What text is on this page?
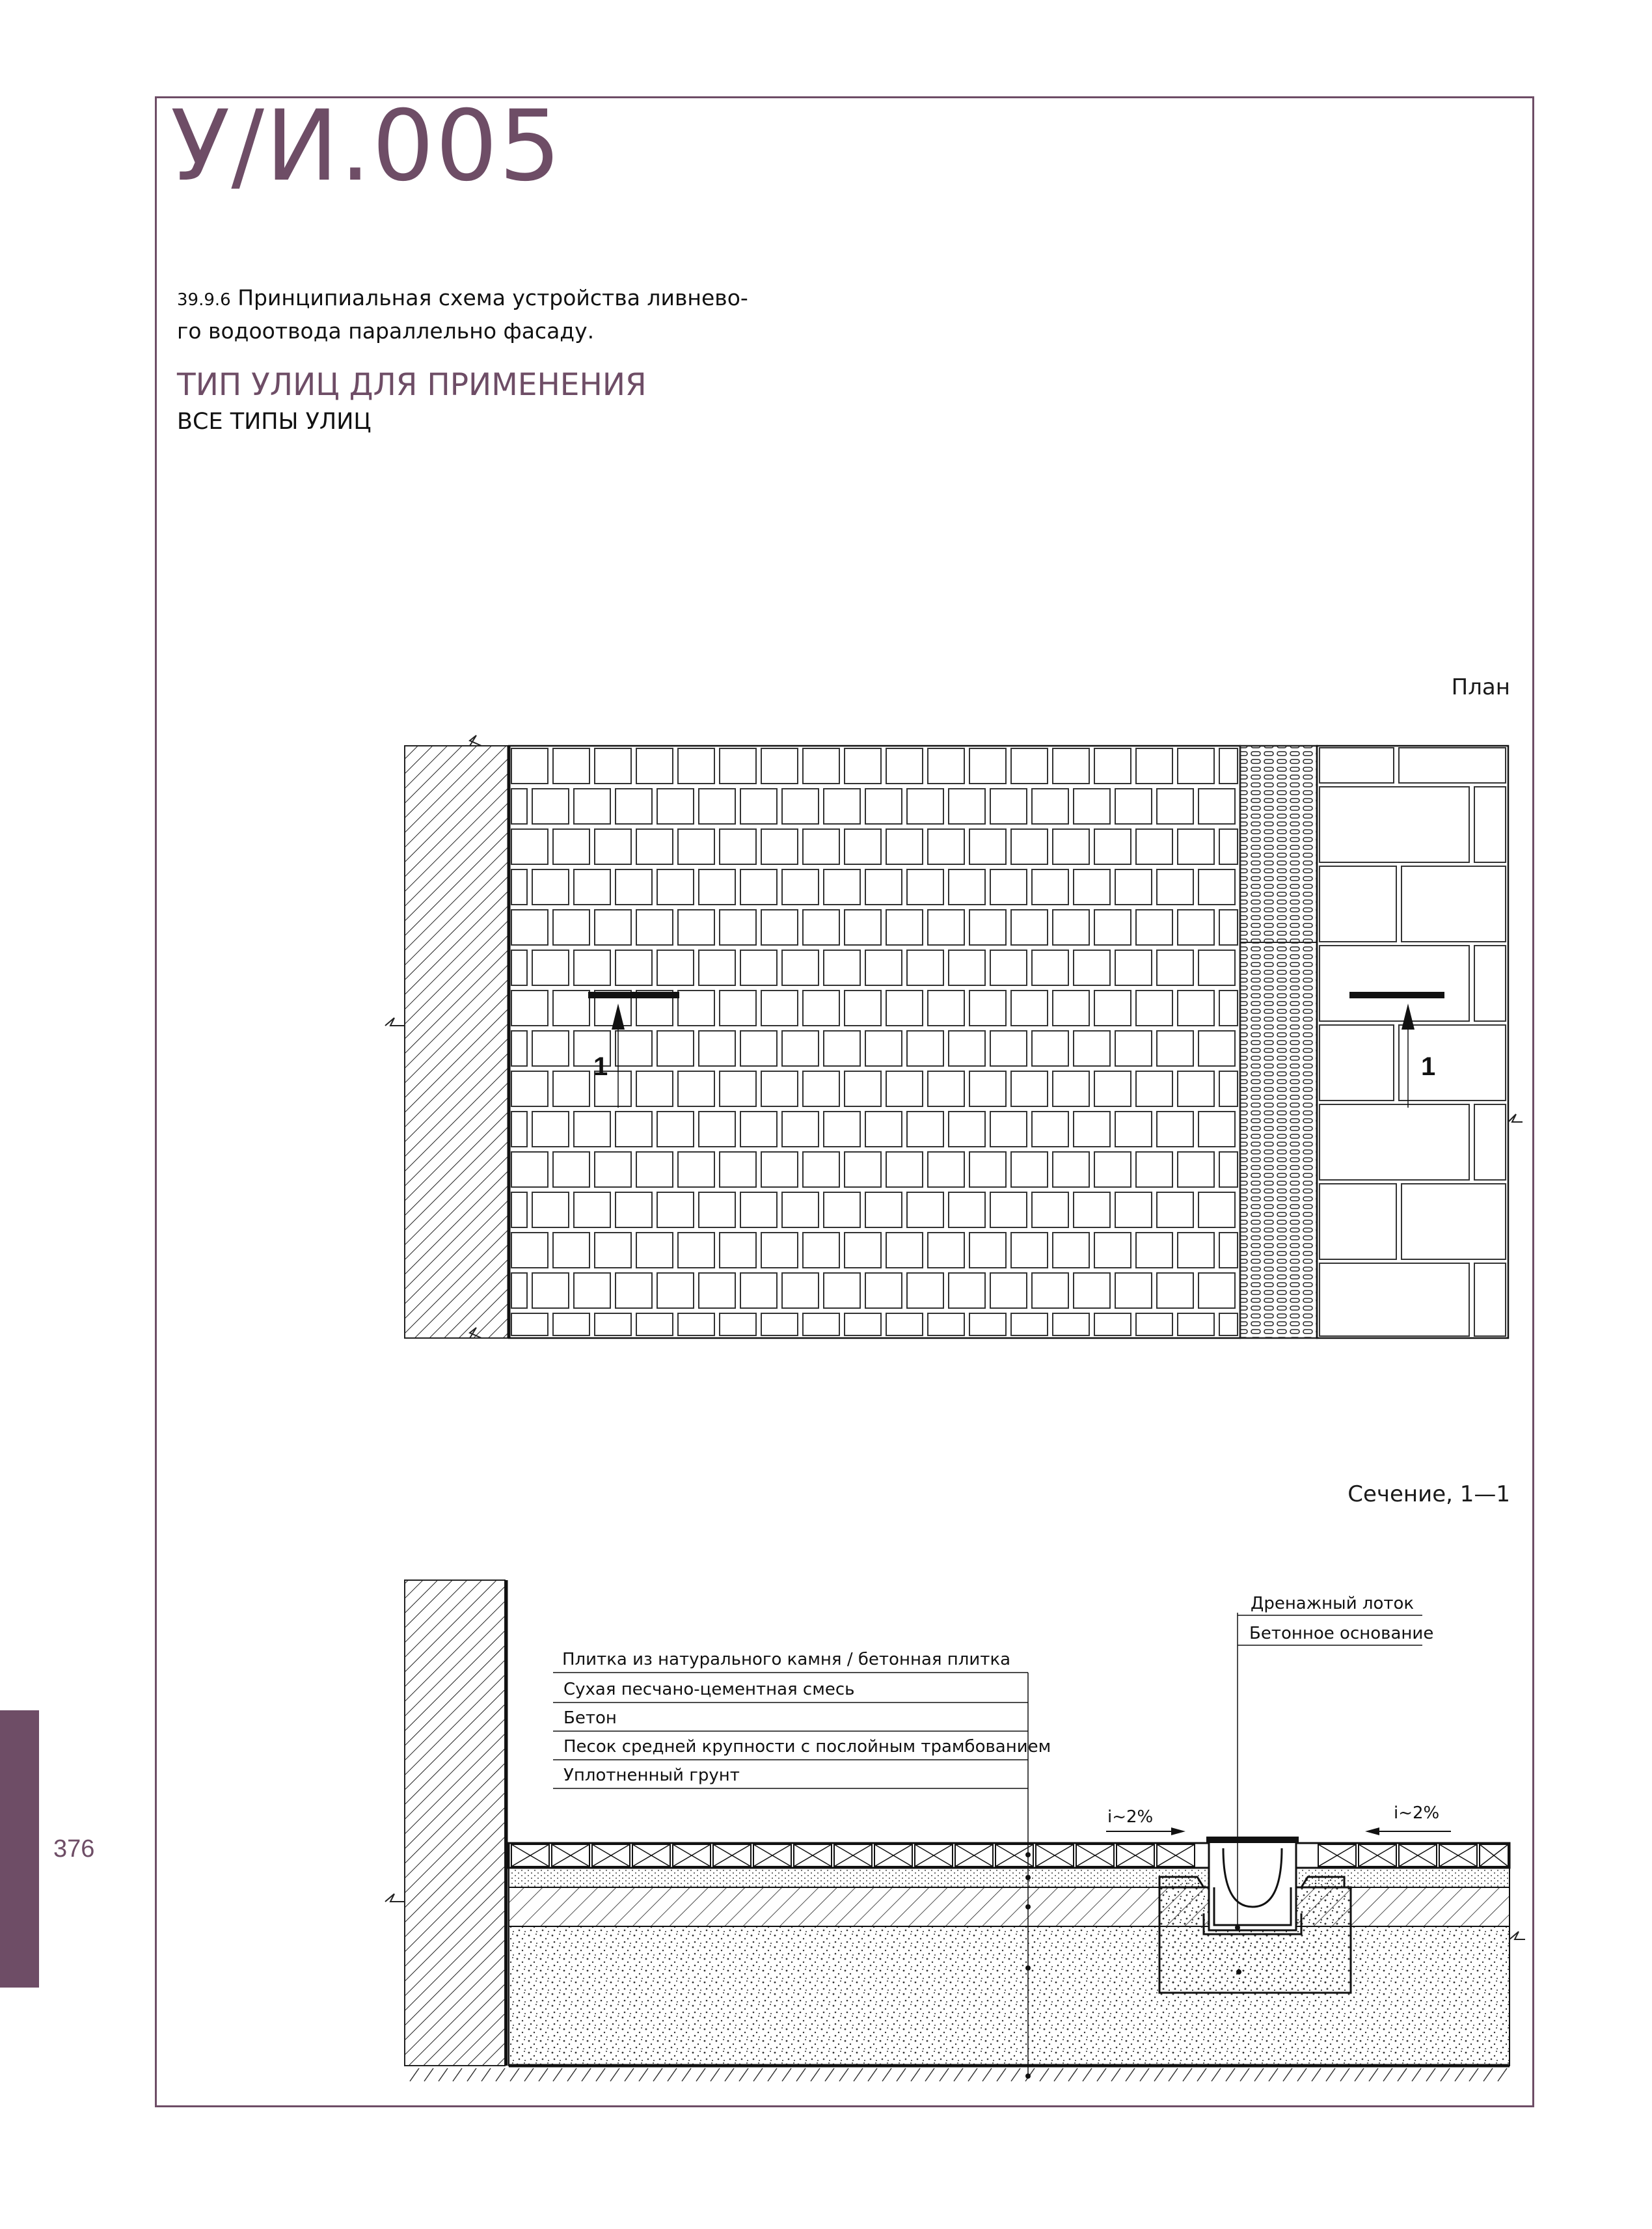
У/И.005
39.9.6 Принципиальная схема устройства ливнево-
го водоотвода параллельно фасаду.
ТИП УЛИЦ ДЛЯ ПРИМЕНЕНИЯ
ВСЕ ТИПЫ УЛИЦ
376
План
Сечение, 1—1
1	1
Плитка из натурального камня / бетонная плитка
Сухая песчано-цементная смесь
Бетон
Песок средней крупности с послойным трамбованием
Уплотненный грунт
Дренажный лоток
Бетонное основание
i~2%	i~2%
